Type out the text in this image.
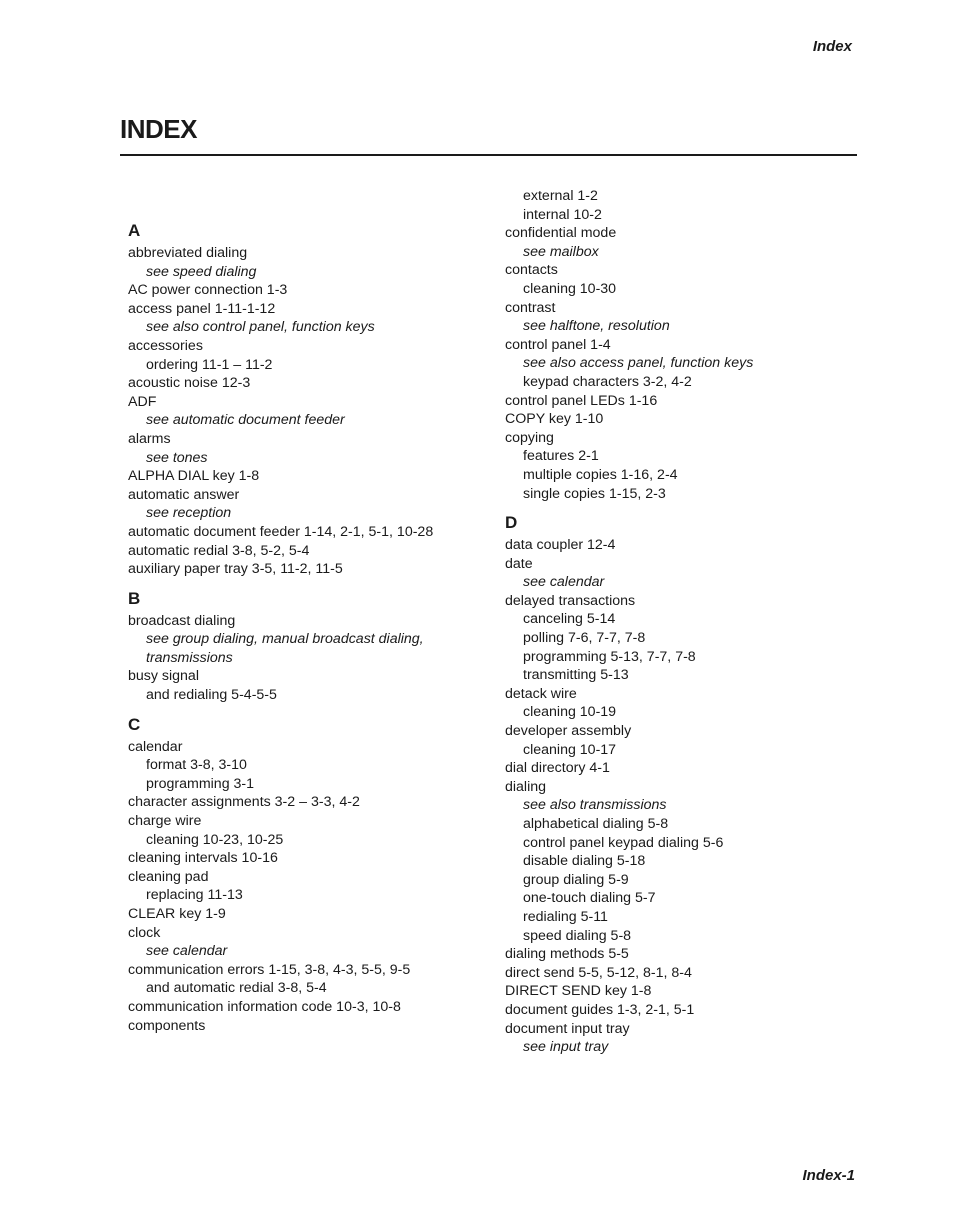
Index
INDEX
A
abbreviated dialing
see speed dialing
AC power connection 1-3
access panel 1-11-1-12
see also control panel, function keys
accessories
ordering 11-1 – 11-2
acoustic noise 12-3
ADF
see automatic document feeder
alarms
see tones
ALPHA DIAL key 1-8
automatic answer
see reception
automatic document feeder 1-14, 2-1, 5-1, 10-28
automatic redial 3-8, 5-2, 5-4
auxiliary paper tray 3-5, 11-2, 11-5
B
broadcast dialing
see group dialing, manual broadcast dialing,
transmissions
busy signal
and redialing 5-4-5-5
C
calendar
format 3-8, 3-10
programming 3-1
character assignments 3-2 – 3-3, 4-2
charge wire
cleaning 10-23, 10-25
cleaning intervals 10-16
cleaning pad
replacing 11-13
CLEAR key 1-9
clock
see calendar
communication errors 1-15, 3-8, 4-3, 5-5, 9-5
and automatic redial 3-8, 5-4
communication information code 10-3, 10-8
components
external 1-2
internal 10-2
confidential mode
see mailbox
contacts
cleaning 10-30
contrast
see halftone, resolution
control panel 1-4
see also access panel, function keys
keypad characters 3-2, 4-2
control panel LEDs 1-16
COPY key 1-10
copying
features 2-1
multiple copies 1-16, 2-4
single copies 1-15, 2-3
D
data coupler 12-4
date
see calendar
delayed transactions
canceling 5-14
polling 7-6, 7-7, 7-8
programming 5-13, 7-7, 7-8
transmitting 5-13
detack wire
cleaning 10-19
developer assembly
cleaning 10-17
dial directory 4-1
dialing
see also transmissions
alphabetical dialing 5-8
control panel keypad dialing 5-6
disable dialing 5-18
group dialing 5-9
one-touch dialing 5-7
redialing 5-11
speed dialing 5-8
dialing methods 5-5
direct send 5-5, 5-12, 8-1, 8-4
DIRECT SEND key 1-8
document guides 1-3, 2-1, 5-1
document input tray
see input tray
Index-1
